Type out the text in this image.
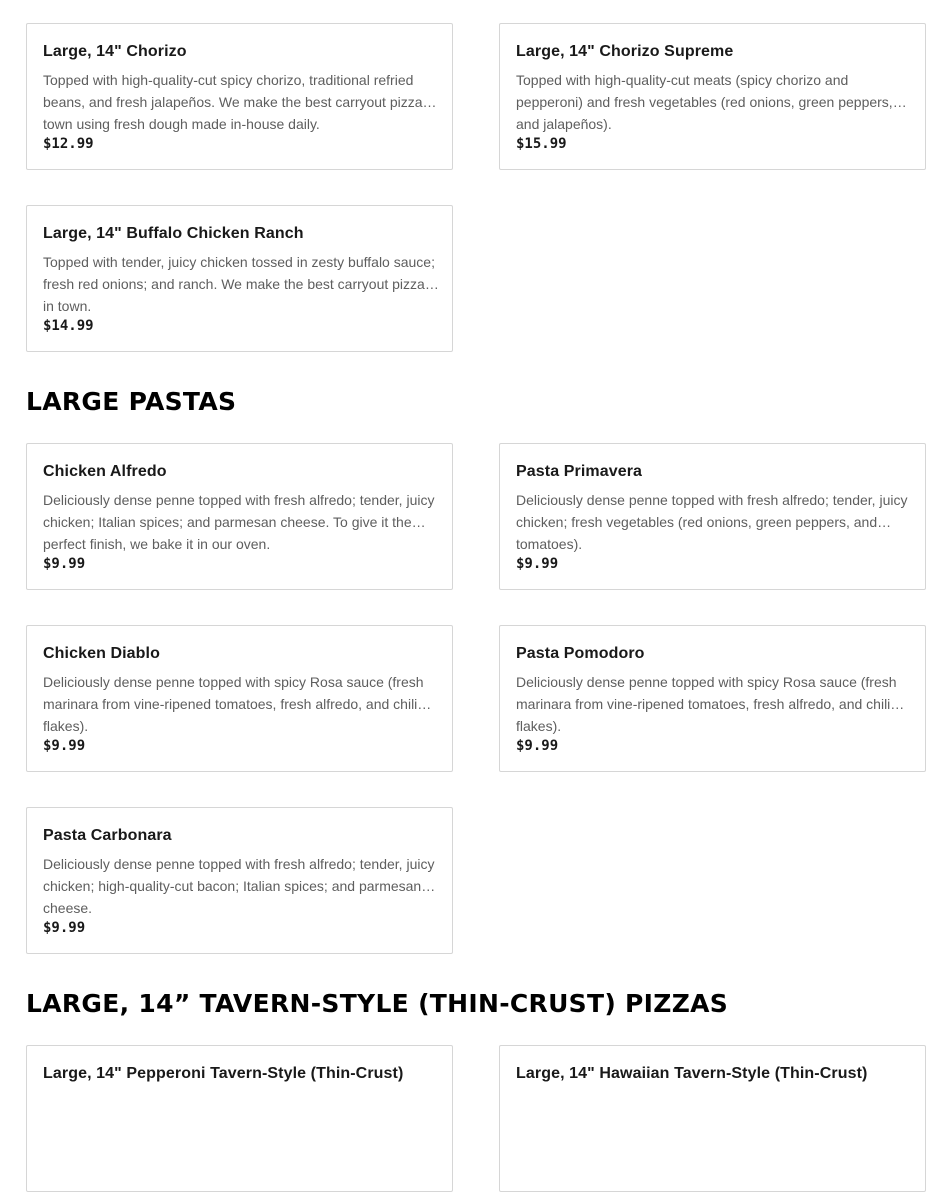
Large, 14" Chorizo
Topped with high-quality-cut spicy chorizo, traditional refried beans, and fresh jalapeños. We make the best carryout pizza in town using fresh dough made in-house daily.
$12.99
Large, 14" Chorizo Supreme
Topped with high-quality-cut meats (spicy chorizo and pepperoni) and fresh vegetables (red onions, green peppers, and jalapeños).
$15.99
Large, 14" Buffalo Chicken Ranch
Topped with tender, juicy chicken tossed in zesty buffalo sauce; fresh red onions; and ranch. We make the best carryout pizza in town.
$14.99
LARGE PASTAS
Chicken Alfredo
Deliciously dense penne topped with fresh alfredo; tender, juicy chicken; Italian spices; and parmesan cheese. To give it the perfect finish, we bake it in our oven.
$9.99
Pasta Primavera
Deliciously dense penne topped with fresh alfredo; tender, juicy chicken; fresh vegetables (red onions, green peppers, and tomatoes).
$9.99
Chicken Diablo
Deliciously dense penne topped with spicy Rosa sauce (fresh marinara from vine-ripened tomatoes, fresh alfredo, and chili flakes).
$9.99
Pasta Pomodoro
Deliciously dense penne topped with spicy Rosa sauce (fresh marinara from vine-ripened tomatoes, fresh alfredo, and chili flakes).
$9.99
Pasta Carbonara
Deliciously dense penne topped with fresh alfredo; tender, juicy chicken; high-quality-cut bacon; Italian spices; and parmesan cheese.
$9.99
LARGE, 14” TAVERN-STYLE (THIN-CRUST) PIZZAS
Large, 14" Pepperoni Tavern-Style (Thin-Crust)	Large, 14" Hawaiian Tavern-Style (Thin-Crust)
